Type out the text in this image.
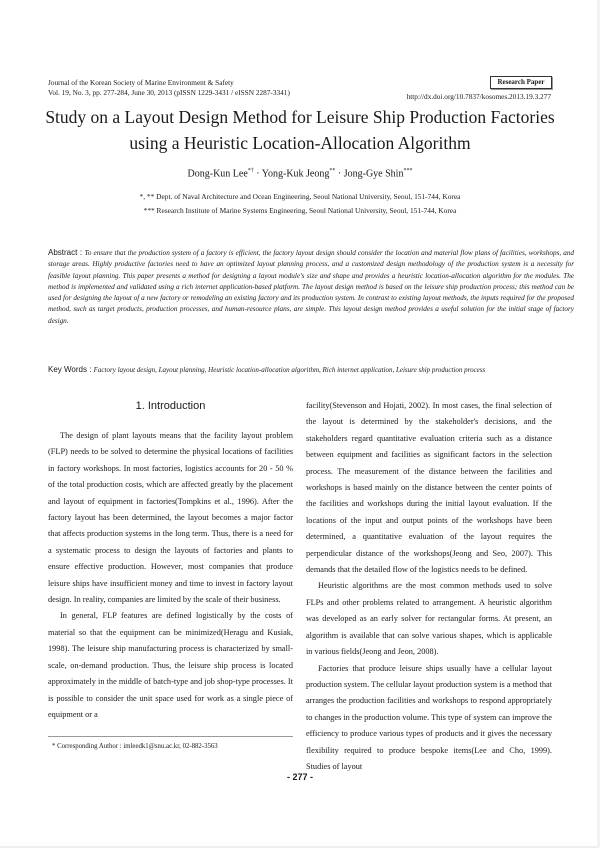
Journal of the Korean Society of Marine Environment & Safety
Vol. 19, No. 3, pp. 277-284, June 30, 2013 (pISSN 1229-3431 / eISSN 2287-3341)
Research Paper
http://dx.doi.org/10.7837/kosomes.2013.19.3.277
Study on a Layout Design Method for Leisure Ship Production Factories
using a Heuristic Location-Allocation Algorithm
Dong-Kun Lee*† · Yong-Kuk Jeong** · Jong-Gye Shin***
*, ** Dept. of Naval Architecture and Ocean Engineering, Seoul National University, Seoul, 151-744, Korea
*** Research Institute of Marine Systems Engineering, Seoul National University, Seoul, 151-744, Korea
Abstract : To ensure that the production system of a factory is efficient, the factory layout design should consider the location and material flow plans of facilities, workshops, and storage areas. Highly productive factories need to have an optimized layout planning process, and a customized design methodology of the production system is a necessity for feasible layout planning. This paper presents a method for designing a layout module's size and shape and provides a heuristic location-allocation algorithm for the modules. The method is implemented and validated using a rich internet application-based platform. The layout design method is based on the leisure ship production process; this method can be used for designing the layout of a new factory or remodeling an existing factory and its production system. In contrast to existing layout methods, the inputs required for the proposed method, such as target products, production processes, and human-resource plans, are simple. This layout design method provides a useful solution for the initial stage of factory design.
Key Words : Factory layout design, Layout planning, Heuristic location-allocation algorithm, Rich internet application, Leisure ship production process
1. Introduction

The design of plant layouts means that the facility layout problem (FLP) needs to be solved to determine the physical locations of facilities in factory workshops. In most factories, logistics accounts for 20 - 50 % of the total production costs, which are affected greatly by the placement and layout of equipment in factories(Tompkins et al., 1996). After the factory layout has been determined, the layout becomes a major factor that affects production systems in the long term. Thus, there is a need for a systematic process to design the layouts of factories and plants to ensure effective production. However, most companies that produce leisure ships have insufficient money and time to invest in factory layout design. In reality, companies are limited by the scale of their business.

In general, FLP features are defined logistically by the costs of material so that the equipment can be minimized(Heragu and Kusiak, 1998). The leisure ship manufacturing process is characterized by small-scale, on-demand production. Thus, the leisure ship process is located approximately in the middle of batch-type and job shop-type processes. It is possible to consider the unit space used for work as a single piece of equipment or a

facility(Stevenson and Hojati, 2002). In most cases, the final selection of the layout is determined by the stakeholder's decisions, and the stakeholders regard quantitative evaluation criteria such as a distance between equipment and facilities as significant factors in the selection process. The measurement of the distance between the facilities and workshops is based mainly on the distance between the center points of the facilities and workshops during the initial layout evaluation. If the locations of the input and output points of the workshops have been determined, a quantitative evaluation of the layout requires the perpendicular distance of the workshops(Jeong and Seo, 2007). This demands that the detailed flow of the logistics needs to be defined.

Heuristic algorithms are the most common methods used to solve FLPs and other problems related to arrangement. A heuristic algorithm was developed as an early solver for rectangular forms. At present, an algorithm is available that can solve various shapes, which is applicable in various fields(Jeong and Jeon, 2008).

Factories that produce leisure ships usually have a cellular layout production system. The cellular layout production system is a method that arranges the production facilities and workshops to respond appropriately to changes in the production volume. This type of system can improve the efficiency to produce various types of products and it gives the necessary flexibility required to produce bespoke items(Lee and Cho, 1999). Studies of layout

* Corresponding Author : imleedk1@snu.ac.kr, 02-882-3563
- 277 -
